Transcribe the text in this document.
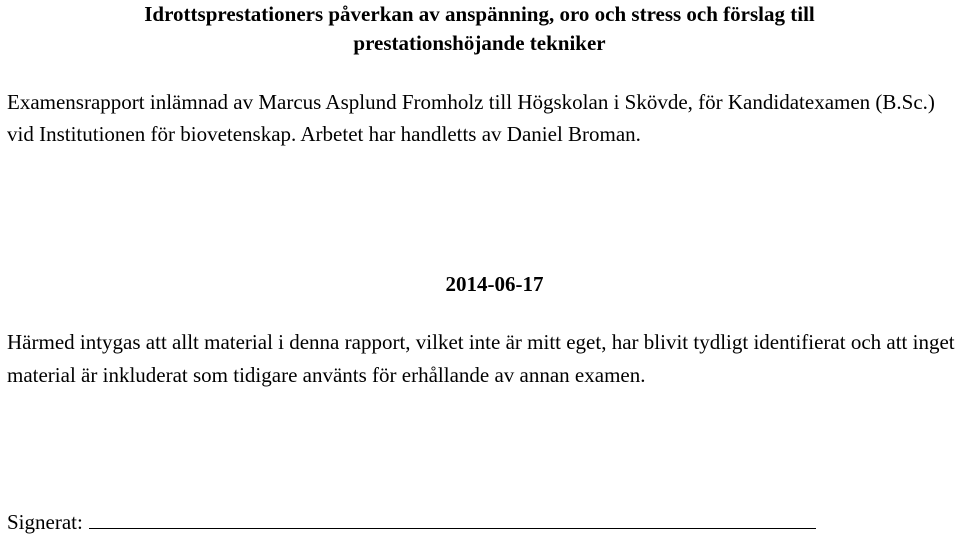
Idrottsprestationers påverkan av anspänning, oro och stress och förslag till
prestationshöjande tekniker

Examensrapport inlämnad av Marcus Asplund Fromholz till Högskolan i Skövde, för Kandidatexamen (B.Sc.) vid Institutionen för biovetenskap. Arbetet har handletts av Daniel Broman.

2014-06-17

Härmed intygas att allt material i denna rapport, vilket inte är mitt eget, har blivit tydligt identifierat och att inget material är inkluderat som tidigare använts för erhållande av annan examen.

Signerat:
